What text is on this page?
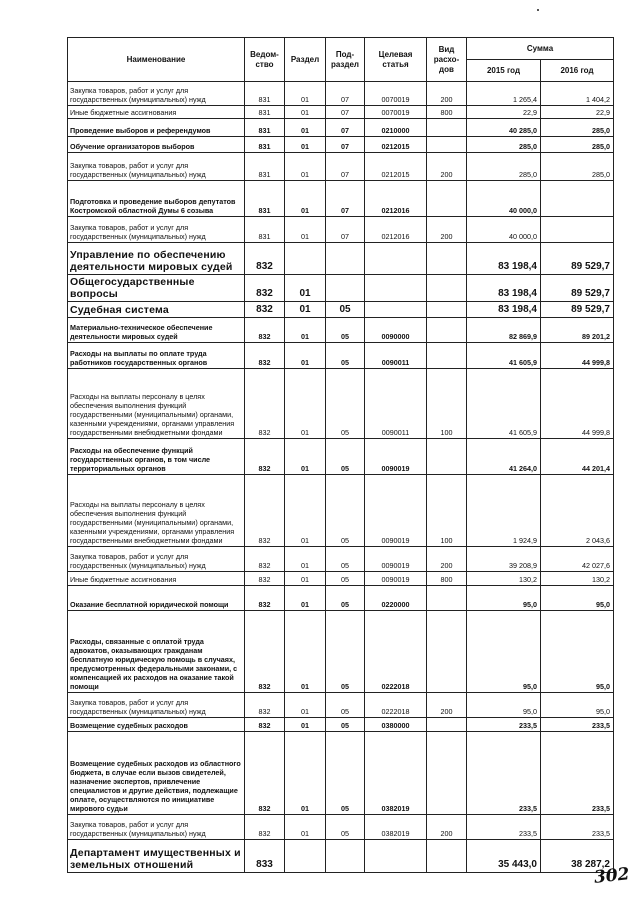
Наименование	Ведом-ство	Раздел	Под-раздел	Целевая статья	Вид расхо-дов	Сумма	
						2015 год	2016 год
Закупка товаров, работ и услуг для государственных (муниципальных) нужд	831	01	07	0070019	200	1 265,4	1 404,2
Иные бюджетные ассигнования	831	01	07	0070019	800	22,9	22,9
Проведение выборов и референдумов	831	01	07	0210000		40 285,0	285,0
Обучение организаторов выборов	831	01	07	0212015		285,0	285,0
Закупка товаров, работ и услуг для государственных (муниципальных) нужд	831	01	07	0212015	200	285,0	285,0
Подготовка и проведение выборов депутатов Костромской областной Думы 6 созыва	831	01	07	0212016		40 000,0	
Закупка товаров, работ и услуг для государственных (муниципальных) нужд	831	01	07	0212016	200	40 000,0	
Управление по обеспечению деятельности мировых судей	832					83 198,4	89 529,7
Общегосударственные вопросы	832	01				83 198,4	89 529,7
Судебная система	832	01	05			83 198,4	89 529,7
Материально-техническое обеспечение деятельности мировых судей	832	01	05	0090000		82 869,9	89 201,2
Расходы на выплаты по оплате труда работников государственных органов	832	01	05	0090011		41 605,9	44 999,8
Расходы на выплаты персоналу в целях обеспечения выполнения функций государственными (муниципальными) органами, казенными учреждениями, органами управления государственными внебюджетными фондами	832	01	05	0090011	100	41 605,9	44 999,8
Расходы на обеспечение функций государственных органов, в том числе территориальных органов	832	01	05	0090019		41 264,0	44 201,4
Расходы на выплаты персоналу в целях обеспечения выполнения функций государственными (муниципальными) органами, казенными учреждениями, органами управления государственными внебюджетными фондами	832	01	05	0090019	100	1 924,9	2 043,6
Закупка товаров, работ и услуг для государственных (муниципальных) нужд	832	01	05	0090019	200	39 208,9	42 027,6
Иные бюджетные ассигнования	832	01	05	0090019	800	130,2	130,2
Оказание бесплатной юридической помощи	832	01	05	0220000		95,0	95,0
Расходы, связанные с оплатой труда адвокатов, оказывающих гражданам бесплатную юридическую помощь в случаях, предусмотренных федеральными законами, с компенсацией их расходов на оказание такой помощи	832	01	05	0222018		95,0	95,0
Закупка товаров, работ и услуг для государственных (муниципальных) нужд	832	01	05	0222018	200	95,0	95,0
Возмещение судебных расходов	832	01	05	0380000		233,5	233,5
Возмещение судебных расходов из областного бюджета, в случае если вызов свидетелей, назначение экспертов, привлечение специалистов и другие действия, подлежащие оплате, осуществляются по инициативе мирового судьи	832	01	05	0382019		233,5	233,5
Закупка товаров, работ и услуг для государственных (муниципальных) нужд	832	01	05	0382019	200	233,5	233,5
Департамент имущественных и земельных отношений	833					35 443,0	38 287,2
302
